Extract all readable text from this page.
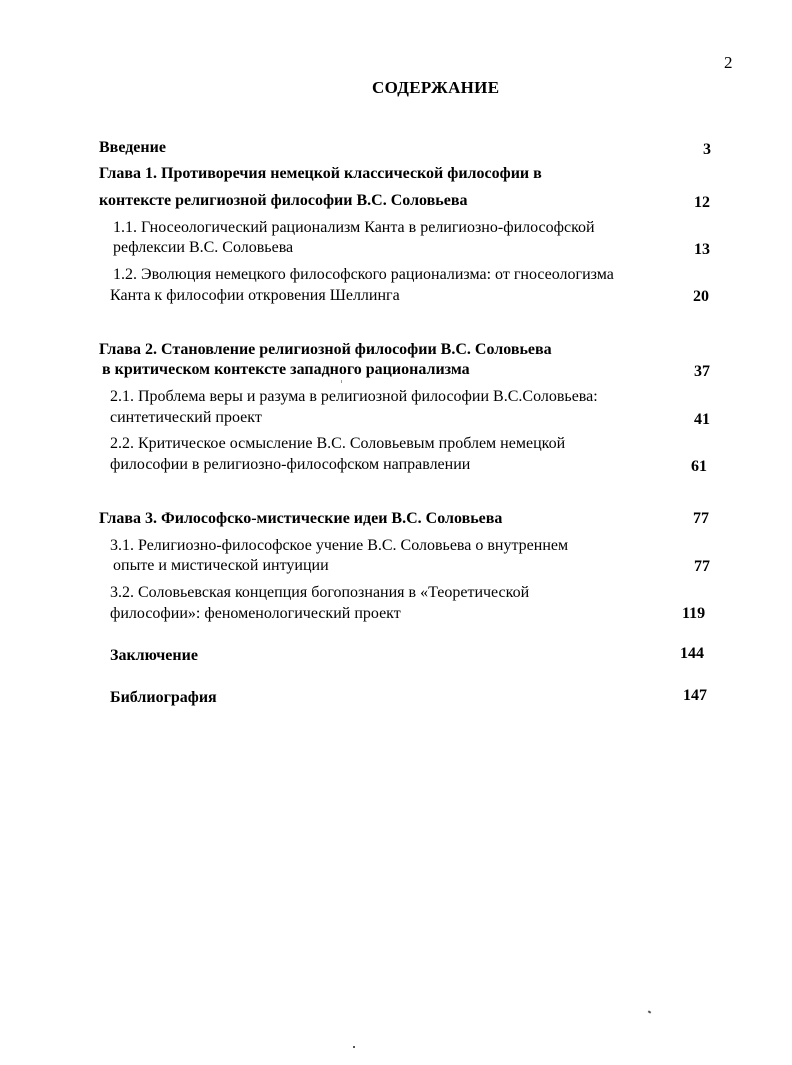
2
СОДЕРЖАНИЕ
Введение	3
Глава 1. Противоречия немецкой классической философии в
контексте религиозной философии В.С. Соловьева	12
1.1. Гносеологический рационализм Канта в религиозно-философской
рефлексии В.С. Соловьева	13
1.2. Эволюция немецкого философского рационализма: от гносеологизма
Канта к философии откровения Шеллинга	20
Глава 2. Становление религиозной философии В.С. Соловьева
в критическом контексте западного рационализма	37
2.1. Проблема веры и разума в религиозной философии В.С.Соловьева:
синтетический проект	41
2.2. Критическое осмысление В.С. Соловьевым проблем немецкой
философии в религиозно-философском направлении	61
Глава 3. Философско-мистические идеи В.С. Соловьева	77
3.1. Религиозно-философское учение В.С. Соловьева о внутреннем
опыте и мистической интуиции	77
3.2. Соловьевская концепция богопознания в «Теоретической
философии»: феноменологический проект	119
Заключение	144
Библиография	147
